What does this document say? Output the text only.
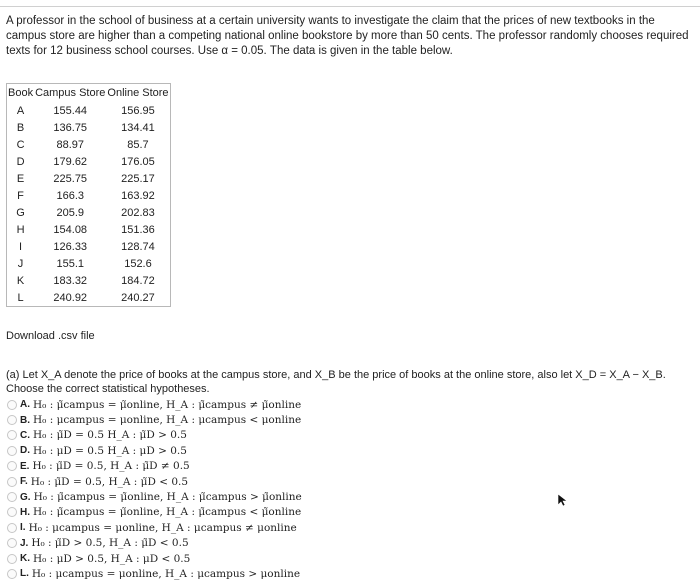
A professor in the school of business at a certain university wants to investigate the claim that the prices of new textbooks in the campus store are higher than a competing national online bookstore by more than 50 cents. The professor randomly chooses required texts for 12 business school courses. Use α = 0.05. The data is given in the table below.

Book	Campus Store	Online Store
A	155.44	156.95
B	136.75	134.41
C	88.97	85.7
D	179.62	176.05
E	225.75	225.17
F	166.3	163.92
G	205.9	202.83
H	154.08	151.36
I	126.33	128.74
J	155.1	152.6
K	183.32	184.72
L	240.92	240.27

Download .csv file

(a) Let X_A denote the price of books at the campus store, and X_B be the price of books at the online store, also let X_D = X_A − X_B. Choose the correct statistical hypotheses.

A. H₀ : μ̃campus = μ̃online, H_A : μ̃campus ≠ μ̃online
B. H₀ : μcampus = μonline, H_A : μcampus < μonline
C. H₀ : μ̃D = 0.5 H_A : μ̃D > 0.5
D. H₀ : μD = 0.5 H_A : μD > 0.5
E. H₀ : μ̃D = 0.5, H_A : μ̃D ≠ 0.5
F. H₀ : μ̃D = 0.5, H_A : μ̃D < 0.5
G. H₀ : μ̃campus = μ̃online, H_A : μ̃campus > μ̃online
H. H₀ : μ̃campus = μ̃online, H_A : μ̃campus < μ̃online
I. H₀ : μcampus = μonline, H_A : μcampus ≠ μonline
J. H₀ : μ̃D > 0.5, H_A : μ̃D < 0.5
K. H₀ : μD > 0.5, H_A : μD < 0.5
L. H₀ : μcampus = μonline, H_A : μcampus > μonline
